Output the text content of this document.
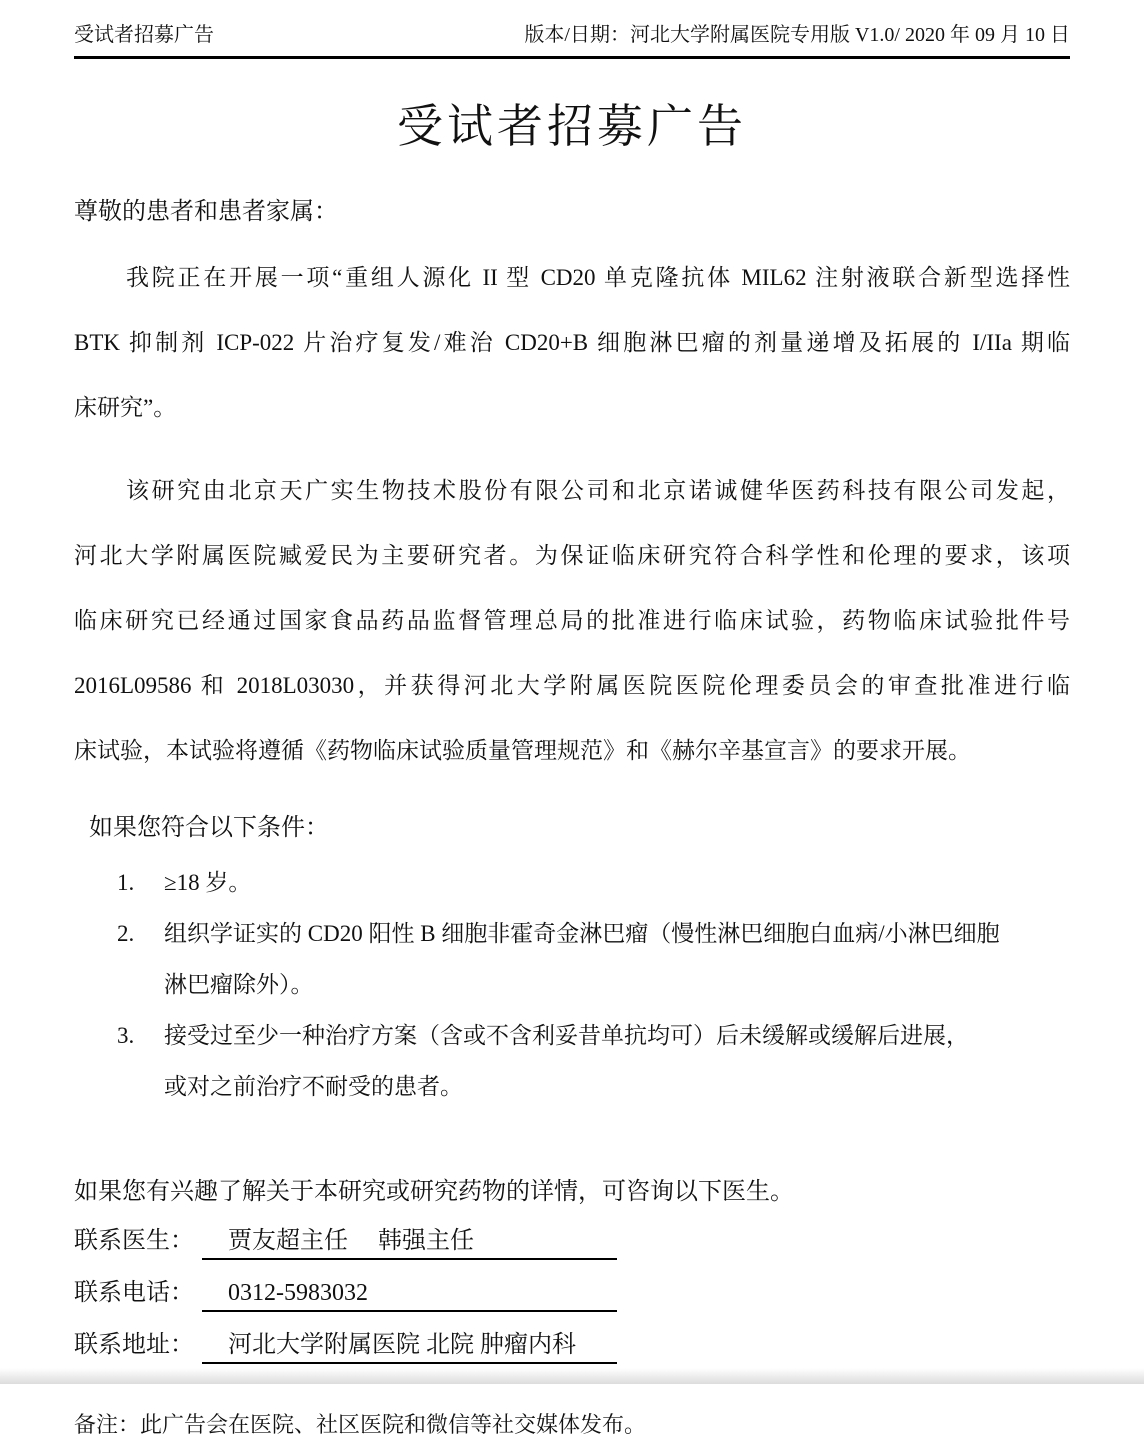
受试者招募广告	版本/日期：河北大学附属医院专用版 V1.0/ 2020 年 09 月 10 日
受试者招募广告

尊敬的患者和患者家属：

我院正在开展一项“重组人源化 II 型 CD20 单克隆抗体 MIL62 注射液联合新型选择性
BTK 抑制剂 ICP-022 片治疗复发/难治 CD20+B 细胞淋巴瘤的剂量递增及拓展的 I/IIa 期临
床研究”。
该研究由北京天广实生物技术股份有限公司和北京诺诚健华医药科技有限公司发起，
河北大学附属医院臧爱民为主要研究者。为保证临床研究符合科学性和伦理的要求，该项
临床研究已经通过国家食品药品监督管理总局的批准进行临床试验，药物临床试验批件号
2016L09586 和 2018L03030，并获得河北大学附属医院医院伦理委员会的审查批准进行临
床试验，本试验将遵循《药物临床试验质量管理规范》和《赫尔辛基宣言》的要求开展。

如果您符合以下条件：

1.	≥18 岁。
2.	组织学证实的 CD20 阳性 B 细胞非霍奇金淋巴瘤（慢性淋巴细胞白血病/小淋巴细胞
淋巴瘤除外）。
3.	接受过至少一种治疗方案（含或不含利妥昔单抗均可）后未缓解或缓解后进展，
或对之前治疗不耐受的患者。

如果您有兴趣了解关于本研究或研究药物的详情，可咨询以下医生。

联系医生：	贾友超主任　 韩强主任
联系电话：	0312-5983032
联系地址：	河北大学附属医院 北院 肿瘤内科

备注：此广告会在医院、社区医院和微信等社交媒体发布。
